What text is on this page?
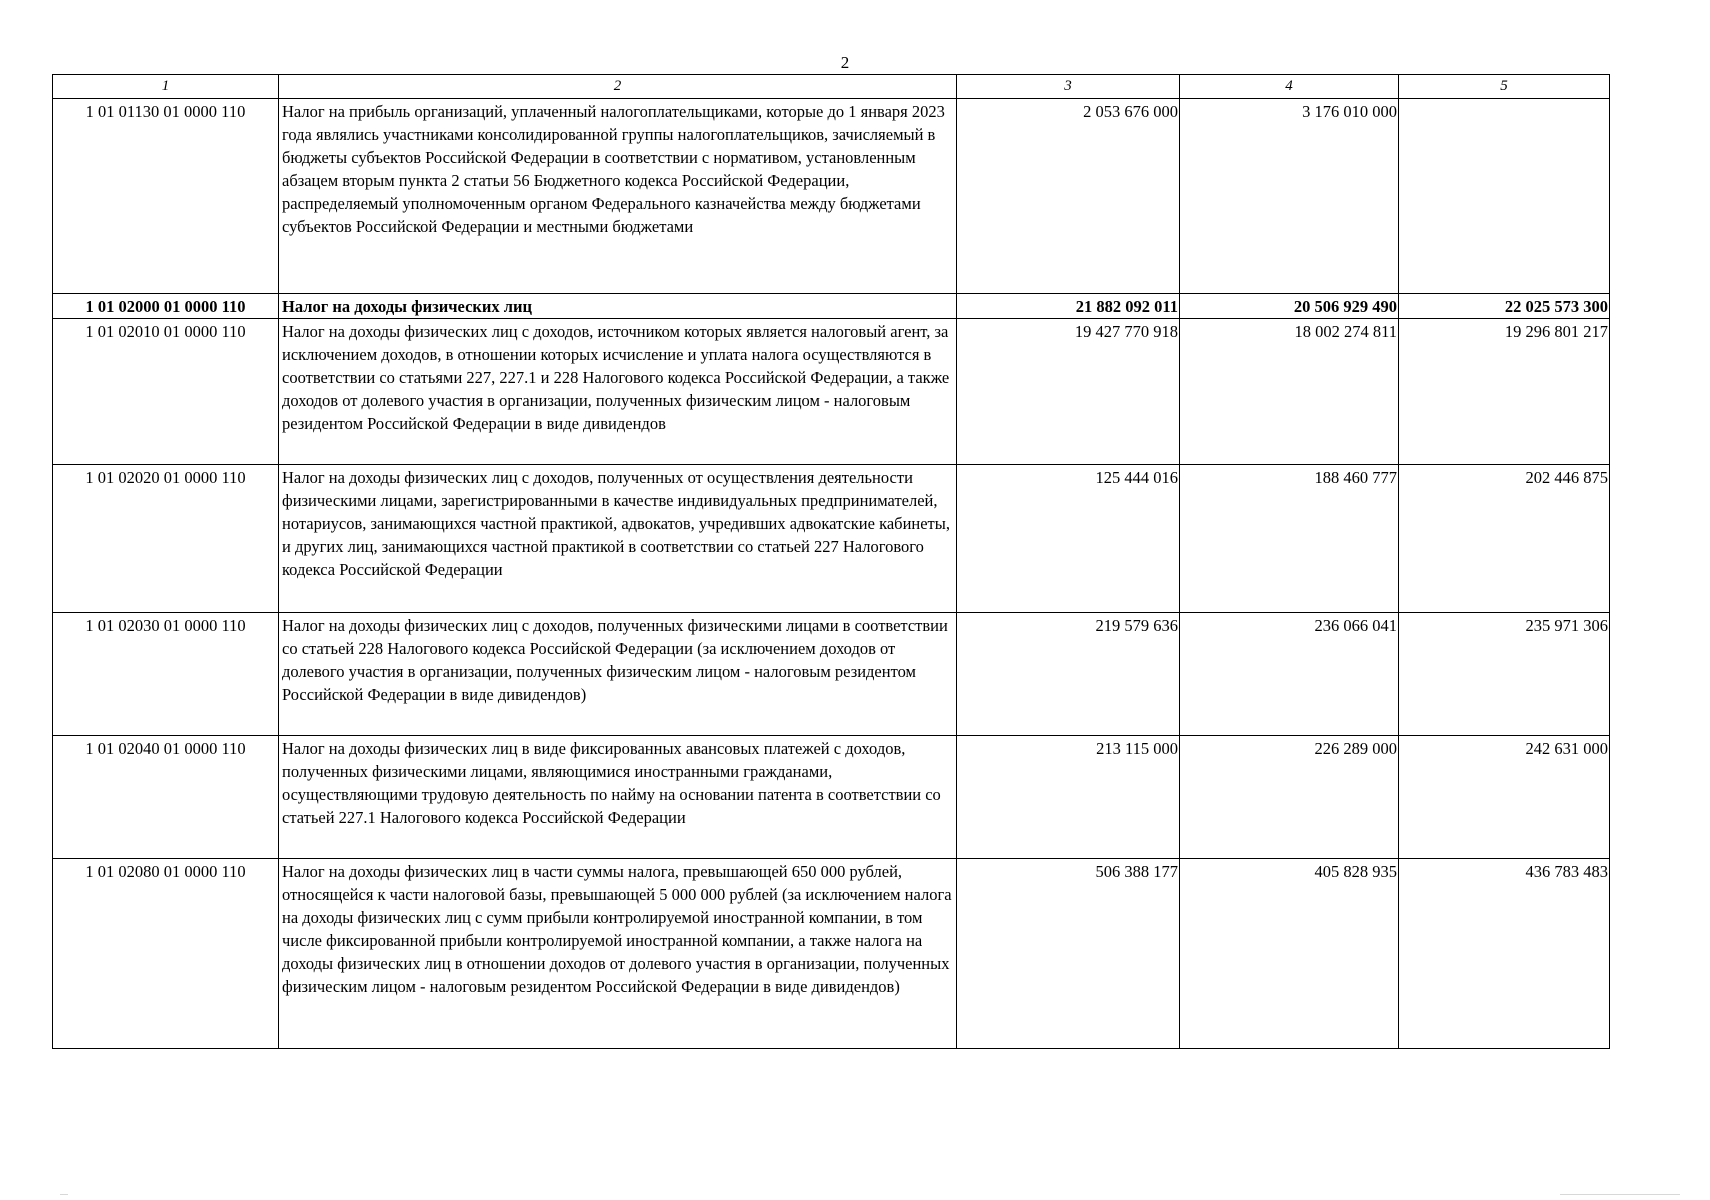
2
1	2	3	4	5
1 01 01130 01 0000 110	Налог на прибыль организаций, уплаченный налогоплательщиками, которые до 1 января 2023 года являлись участниками консолидированной группы налогоплательщиков, зачисляемый в бюджеты субъектов Российской Федерации в соответствии с нормативом, установленным абзацем вторым пункта 2 статьи 56 Бюджетного кодекса Российской Федерации, распределяемый уполномоченным органом Федерального казначейства между бюджетами субъектов Российской Федерации и местными бюджетами	2 053 676 000	3 176 010 000	
1 01 02000 01 0000 110	Налог на доходы физических лиц	21 882 092 011	20 506 929 490	22 025 573 300
1 01 02010 01 0000 110	Налог на доходы физических лиц с доходов, источником которых является налоговый агент, за исключением доходов, в отношении которых исчисление и уплата налога осуществляются в соответствии со статьями 227, 227.1 и 228 Налогового кодекса Российской Федерации, а также доходов от долевого участия в организации, полученных физическим лицом - налоговым резидентом Российской Федерации в виде дивидендов	19 427 770 918	18 002 274 811	19 296 801 217
1 01 02020 01 0000 110	Налог на доходы физических лиц с доходов, полученных от осуществления деятельности физическими лицами, зарегистрированными в качестве индивидуальных предпринимателей, нотариусов, занимающихся частной практикой, адвокатов, учредивших адвокатские кабинеты, и других лиц, занимающихся частной практикой в соответствии со статьей 227 Налогового кодекса Российской Федерации	125 444 016	188 460 777	202 446 875
1 01 02030 01 0000 110	Налог на доходы физических лиц с доходов, полученных физическими лицами в соответствии со статьей 228 Налогового кодекса Российской Федерации (за исключением доходов от долевого участия в организации, полученных физическим лицом - налоговым резидентом Российской Федерации в виде дивидендов)	219 579 636	236 066 041	235 971 306
1 01 02040 01 0000 110	Налог на доходы физических лиц в виде фиксированных авансовых платежей с доходов, полученных физическими лицами, являющимися иностранными гражданами, осуществляющими трудовую деятельность по найму на основании патента в соответствии со статьей 227.1 Налогового кодекса Российской Федерации	213 115 000	226 289 000	242 631 000
1 01 02080 01 0000 110	Налог на доходы физических лиц в части суммы налога, превышающей 650 000 рублей, относящейся к части налоговой базы, превышающей 5 000 000 рублей (за исключением налога на доходы физических лиц с сумм прибыли контролируемой иностранной компании, в том числе фиксированной прибыли контролируемой иностранной компании, а также налога на доходы физических лиц в отношении доходов от долевого участия в организации, полученных физическим лицом - налоговым резидентом Российской Федерации в виде дивидендов)	506 388 177	405 828 935	436 783 483
